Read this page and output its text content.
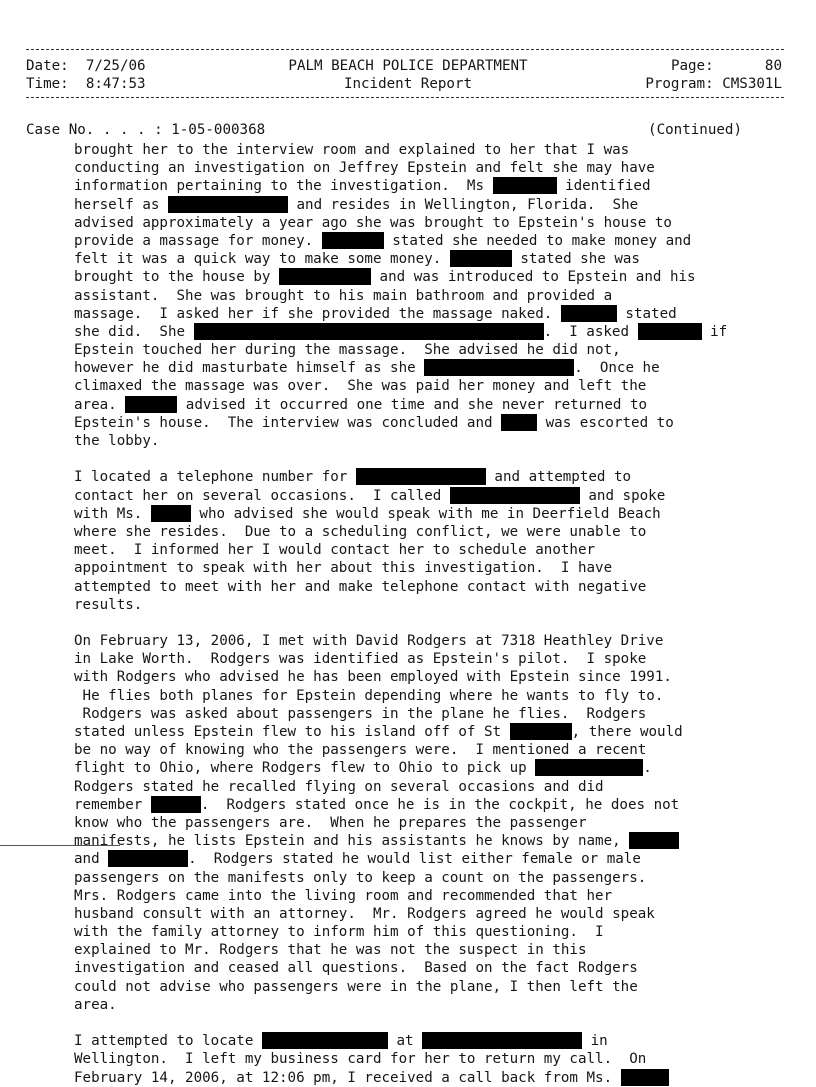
Date: 7/25/06
Time: 8:47:53
PALM BEACH POLICE DEPARTMENT
Incident Report
Page:	80
Program: CMS301L
Case No. . . . : 1-05-000368	(Continued)
brought her to the interview room and explained to her that I was
conducting an investigation on Jeffrey Epstein and felt she may have
information pertaining to the investigation.  Ms	identified
herself as	and resides in Wellington, Florida.  She
advised approximately a year ago she was brought to Epstein's house to
provide a massage for money.	stated she needed to make money and
felt it was a quick way to make some money.	stated she was
brought to the house by	and was introduced to Epstein and his
assistant.  She was brought to his main bathroom and provided a
massage.  I asked her if she provided the massage naked.	stated
she did.  She	.  I asked	if
Epstein touched her during the massage.  She advised he did not,
however he did masturbate himself as she	.  Once he
climaxed the massage was over.  She was paid her money and left the
area.	advised it occurred one time and she never returned to
Epstein's house.  The interview was concluded and	was escorted to
the lobby.
I located a telephone number for	and attempted to
contact her on several occasions.  I called	and spoke
with Ms.	who advised she would speak with me in Deerfield Beach
where she resides.  Due to a scheduling conflict, we were unable to
meet.  I informed her I would contact her to schedule another
appointment to speak with her about this investigation.  I have
attempted to meet with her and make telephone contact with negative
results.
On February 13, 2006, I met with David Rodgers at 7318 Heathley Drive
in Lake Worth.  Rodgers was identified as Epstein's pilot.  I spoke
with Rodgers who advised he has been employed with Epstein since 1991.
He flies both planes for Epstein depending where he wants to fly to.
Rodgers was asked about passengers in the plane he flies.  Rodgers
stated unless Epstein flew to his island off of St	, there would
be no way of knowing who the passengers were.  I mentioned a recent
flight to Ohio, where Rodgers flew to Ohio to pick up	.
Rodgers stated he recalled flying on several occasions and did
remember	.  Rodgers stated once he is in the cockpit, he does not
know who the passengers are.  When he prepares the passenger
manifests, he lists Epstein and his assistants he knows by name,
and	.  Rodgers stated he would list either female or male
passengers on the manifests only to keep a count on the passengers.
Mrs. Rodgers came into the living room and recommended that her
husband consult with an attorney.  Mr. Rodgers agreed he would speak
with the family attorney to inform him of this questioning.  I
explained to Mr. Rodgers that he was not the suspect in this
investigation and ceased all questions.  Based on the fact Rodgers
could not advise who passengers were in the plane, I then left the
area.
I attempted to locate	at	in
Wellington.  I left my business card for her to return my call.  On
February 14, 2006, at 12:06 pm, I received a call back from Ms.
